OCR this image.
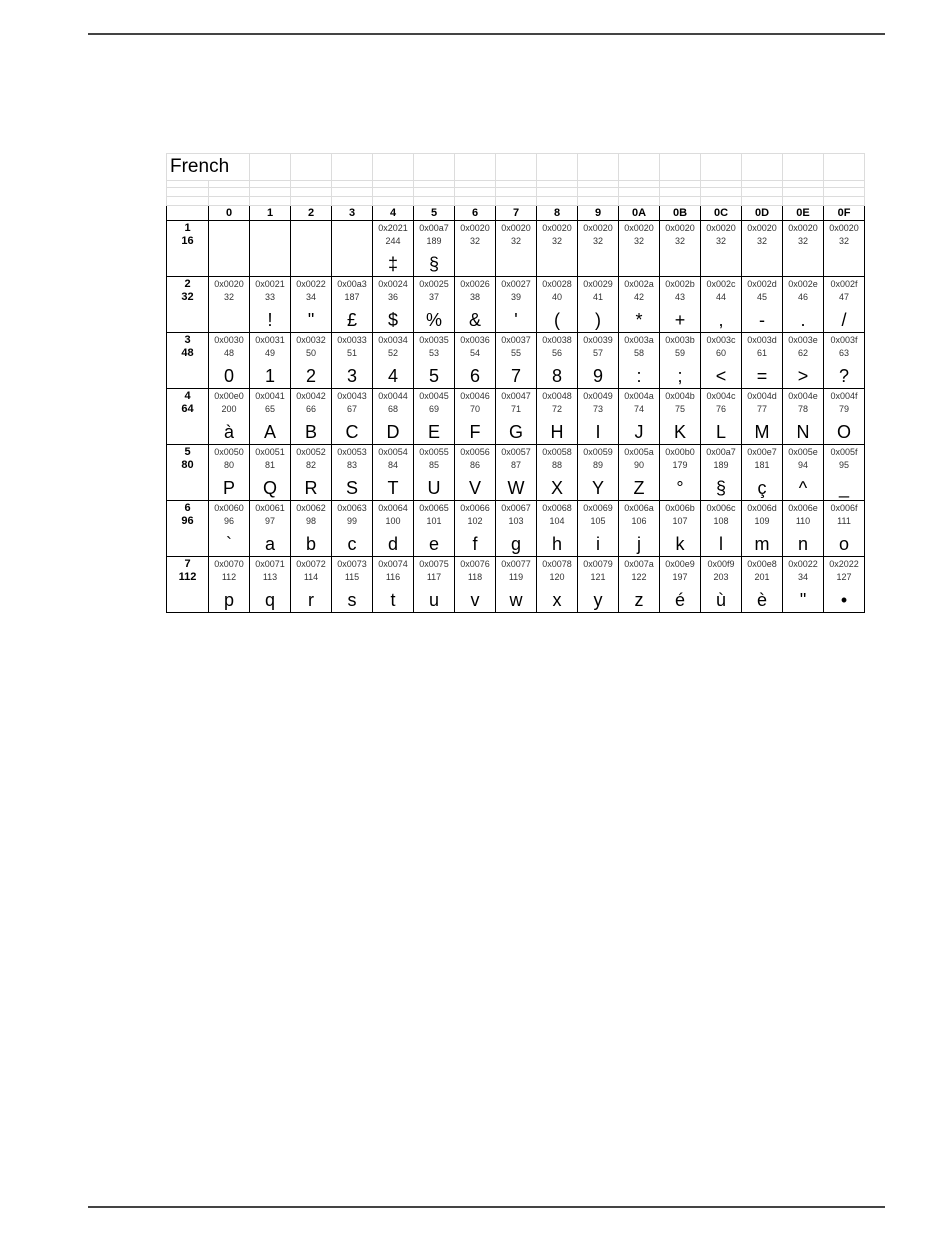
French																

	0	1	2	3	4	5	6	7	8	9	0A	0B	0C	0D	0E	0F
1					0x2021	0x00a7	0x0020	0x0020	0x0020	0x0020	0x0020	0x0020	0x0020	0x0020	0x0020	0x0020
16					244	189	32	32	32	32	32	32	32	32	32	32
					‡	§										
2	0x0020	0x0021	0x0022	0x00a3	0x0024	0x0025	0x0026	0x0027	0x0028	0x0029	0x002a	0x002b	0x002c	0x002d	0x002e	0x002f
32	32	33	34	187	36	37	38	39	40	41	42	43	44	45	46	47
		!	"	£	$	%	&	'	(	)	*	+	,	-	.	/
3	0x0030	0x0031	0x0032	0x0033	0x0034	0x0035	0x0036	0x0037	0x0038	0x0039	0x003a	0x003b	0x003c	0x003d	0x003e	0x003f
48	48	49	50	51	52	53	54	55	56	57	58	59	60	61	62	63
	0	1	2	3	4	5	6	7	8	9	:	;	<	=	>	?
4	0x00e0	0x0041	0x0042	0x0043	0x0044	0x0045	0x0046	0x0047	0x0048	0x0049	0x004a	0x004b	0x004c	0x004d	0x004e	0x004f
64	200	65	66	67	68	69	70	71	72	73	74	75	76	77	78	79
	à	A	B	C	D	E	F	G	H	I	J	K	L	M	N	O
5	0x0050	0x0051	0x0052	0x0053	0x0054	0x0055	0x0056	0x0057	0x0058	0x0059	0x005a	0x00b0	0x00a7	0x00e7	0x005e	0x005f
80	80	81	82	83	84	85	86	87	88	89	90	179	189	181	94	95
	P	Q	R	S	T	U	V	W	X	Y	Z	°	§	ç	^	_
6	0x0060	0x0061	0x0062	0x0063	0x0064	0x0065	0x0066	0x0067	0x0068	0x0069	0x006a	0x006b	0x006c	0x006d	0x006e	0x006f
96	96	97	98	99	100	101	102	103	104	105	106	107	108	109	110	111
	`	a	b	c	d	e	f	g	h	i	j	k	l	m	n	o
7	0x0070	0x0071	0x0072	0x0073	0x0074	0x0075	0x0076	0x0077	0x0078	0x0079	0x007a	0x00e9	0x00f9	0x00e8	0x0022	0x2022
112	112	113	114	115	116	117	118	119	120	121	122	197	203	201	34	127
	p	q	r	s	t	u	v	w	x	y	z	é	ù	è	"	•
